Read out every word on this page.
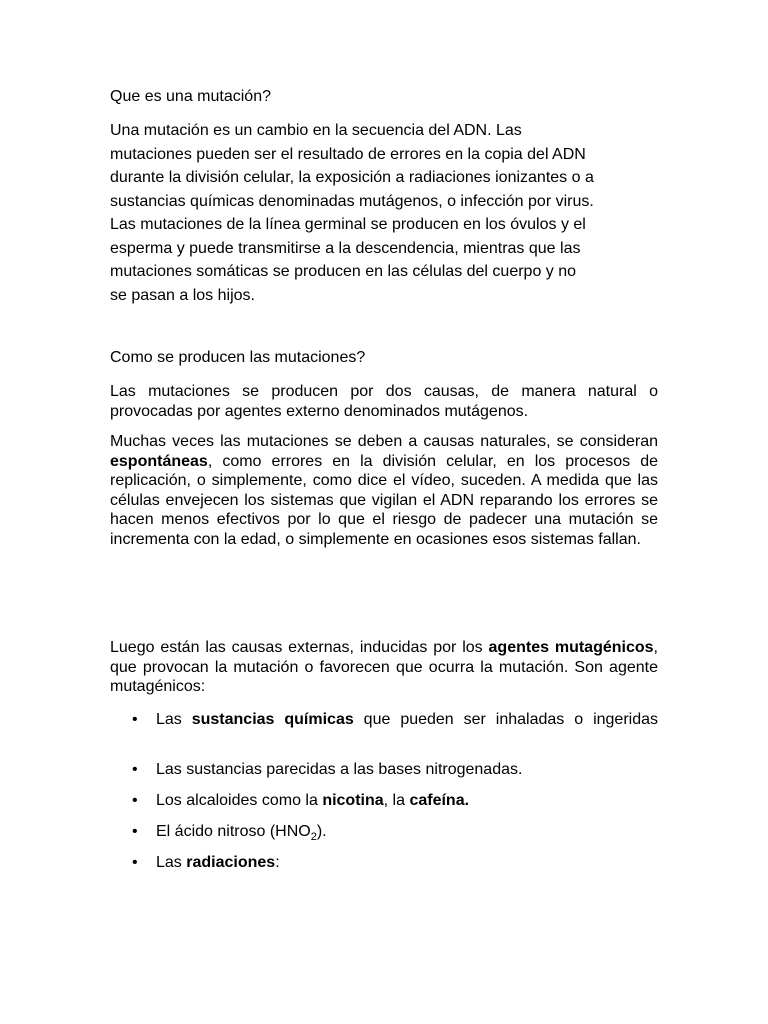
Que es una mutación?
Una mutación es un cambio en la secuencia del ADN. Las
mutaciones pueden ser el resultado de errores en la copia del ADN
durante la división celular, la exposición a radiaciones ionizantes o a
sustancias químicas denominadas mutágenos, o infección por virus.
Las mutaciones de la línea germinal se producen en los óvulos y el
esperma y puede transmitirse a la descendencia, mientras que las
mutaciones somáticas se producen en las células del cuerpo y no
se pasan a los hijos.
Como se producen las mutaciones?

Las mutaciones se producen por dos causas, de manera natural o provocadas por agentes externo denominados mutágenos.

Muchas veces las mutaciones se deben a causas naturales, se consideran espontáneas, como errores en la división celular, en los procesos de replicación, o simplemente, como dice el vídeo, suceden. A medida que las células envejecen los sistemas que vigilan el ADN reparando los errores se hacen menos efectivos por lo que el riesgo de padecer una mutación se incrementa con la edad, o simplemente en ocasiones esos sistemas fallan.

Luego están las causas externas, inducidas por los agentes mutagénicos, que provocan la mutación o favorecen que ocurra la mutación. Son agente mutagénicos:

• Las sustancias químicas que pueden ser inhaladas o ingeridas
• Las sustancias parecidas a las bases nitrogenadas.
• Los alcaloides como la nicotina, la cafeína.
• El ácido nitroso $(HNO_2)$.
• Las radiaciones:
